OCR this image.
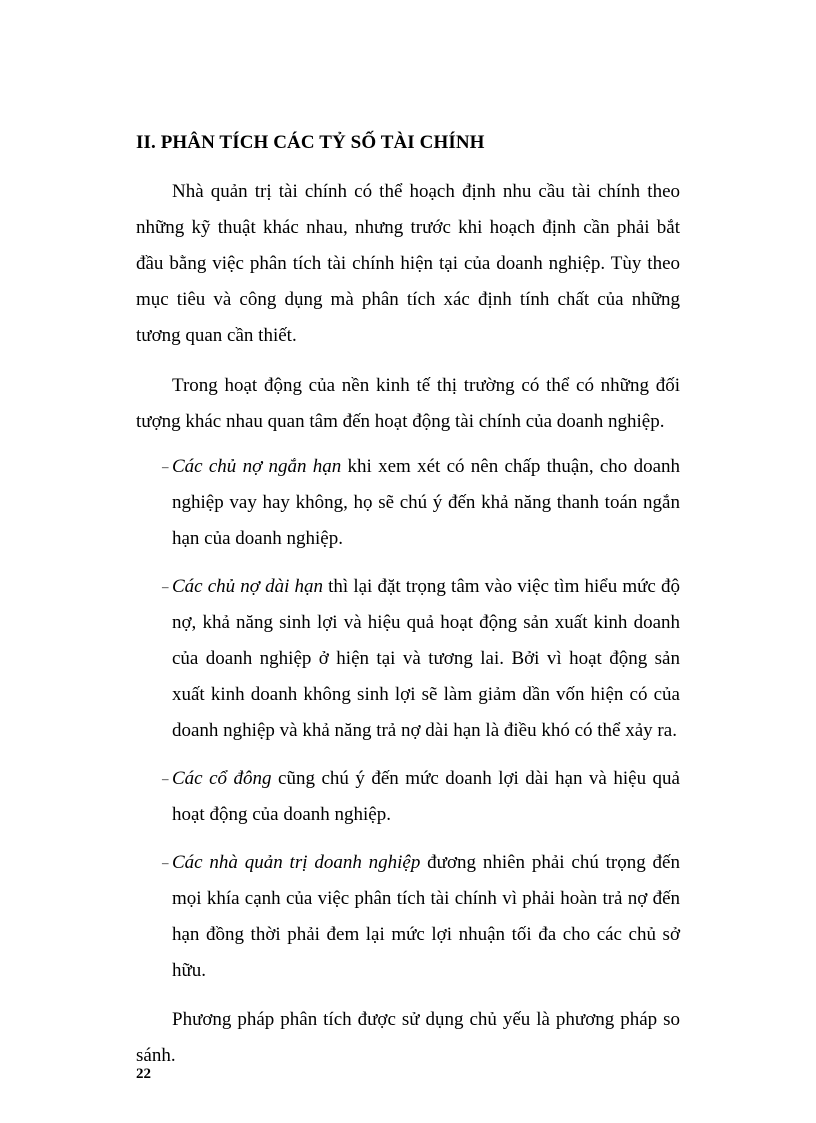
II. PHÂN TÍCH CÁC TỶ SỐ TÀI CHÍNH

Nhà quản trị tài chính có thể hoạch định nhu cầu tài chính theo những kỹ thuật khác nhau, nhưng trước khi hoạch định cần phải bắt đầu bằng việc phân tích tài chính hiện tại của doanh nghiệp. Tùy theo mục tiêu và công dụng mà phân tích xác định tính chất của những tương quan cần thiết.

Trong hoạt động của nền kinh tế thị trường có thể có những đối tượng khác nhau quan tâm đến hoạt động tài chính của doanh nghiệp.

– Các chủ nợ ngắn hạn khi xem xét có nên chấp thuận, cho doanh nghiệp vay hay không, họ sẽ chú ý đến khả năng thanh toán ngắn hạn của doanh nghiệp.
– Các chủ nợ dài hạn thì lại đặt trọng tâm vào việc tìm hiểu mức độ nợ, khả năng sinh lợi và hiệu quả hoạt động sản xuất kinh doanh của doanh nghiệp ở hiện tại và tương lai. Bởi vì hoạt động sản xuất kinh doanh không sinh lợi sẽ làm giảm dần vốn hiện có của doanh nghiệp và khả năng trả nợ dài hạn là điều khó có thể xảy ra.
– Các cổ đông cũng chú ý đến mức doanh lợi dài hạn và hiệu quả hoạt động của doanh nghiệp.
– Các nhà quản trị doanh nghiệp đương nhiên phải chú trọng đến mọi khía cạnh của việc phân tích tài chính vì phải hoàn trả nợ đến hạn đồng thời phải đem lại mức lợi nhuận tối đa cho các chủ sở hữu.

Phương pháp phân tích được sử dụng chủ yếu là phương pháp so sánh.

22
